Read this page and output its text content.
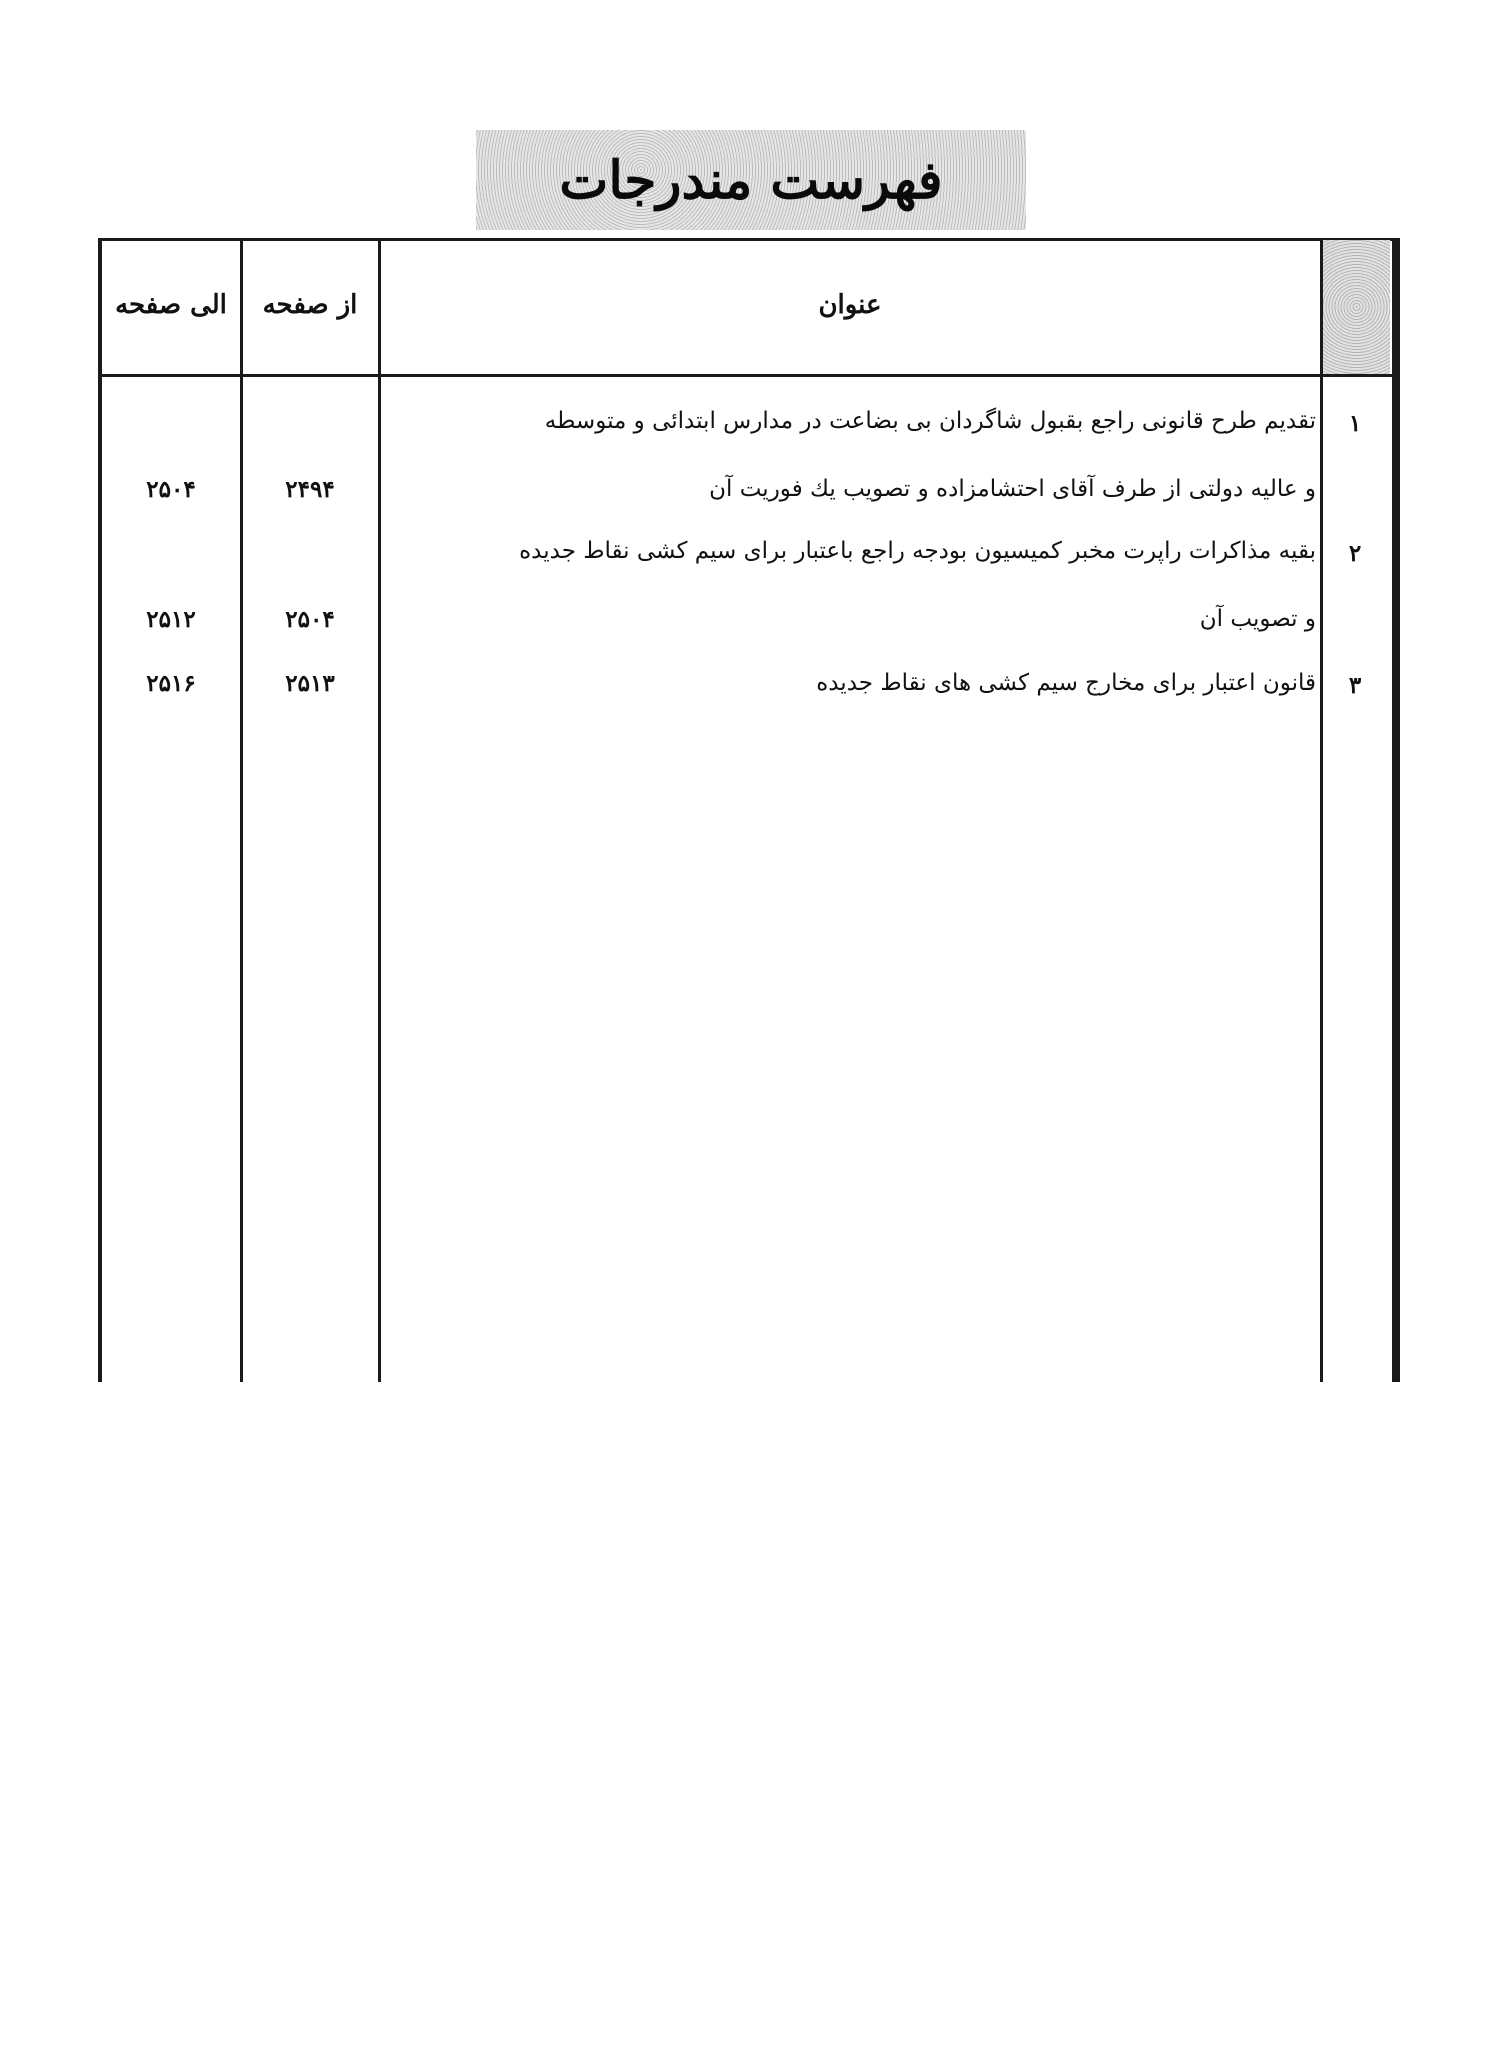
فهرست مندرجات
الی صفحه	از صفحه	عنوان
۱
تقدیم طرح قانونی راجع بقبول شاگردان بی بضاعت در مدارس ابتدائی و متوسطه
و عالیه دولتی از طرف آقای احتشامزاده و تصویب یك فوریت آن
۲۴۹۴
۲۵۰۴
۲
بقیه مذاکرات راپرت مخبر کمیسیون بودجه راجع باعتبار برای سیم کشی نقاط جدیده
و تصویب آن
۲۵۰۴
۲۵۱۲
۳
قانون اعتبار برای مخارج سیم کشی های نقاط جدیده
۲۵۱۳
۲۵۱۶
